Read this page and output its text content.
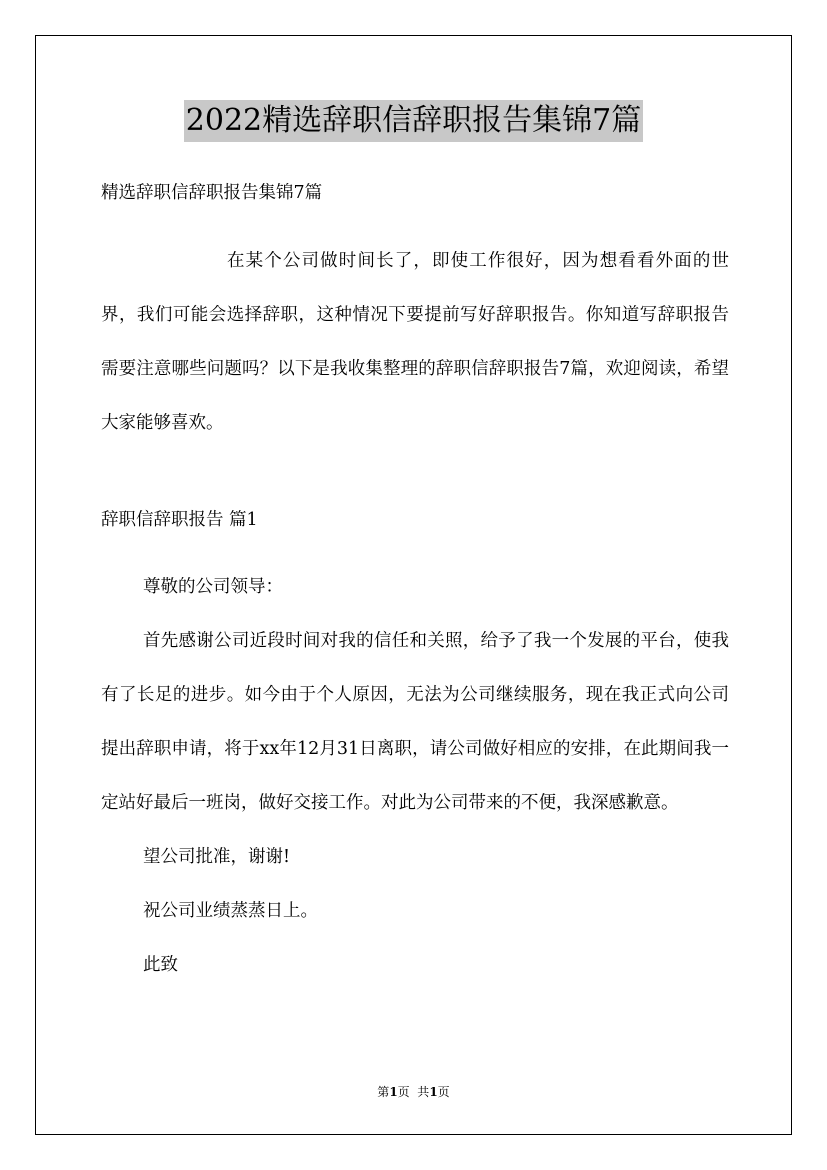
2022精选辞职信辞职报告集锦7篇
精选辞职信辞职报告集锦7篇
在某个公司做时间长了，即使工作很好，因为想看看外面的世界，我们可能会选择辞职，这种情况下要提前写好辞职报告。你知道写辞职报告需要注意哪些问题吗？以下是我收集整理的辞职信辞职报告7篇，欢迎阅读，希望大家能够喜欢。
辞职信辞职报告 篇1

尊敬的公司领导：

首先感谢公司近段时间对我的信任和关照，给予了我一个发展的平台，使我有了长足的进步。如今由于个人原因，无法为公司继续服务，现在我正式向公司提出辞职申请，将于xx年12月31日离职，请公司做好相应的安排，在此期间我一定站好最后一班岗，做好交接工作。对此为公司带来的不便，我深感歉意。

望公司批准，谢谢!

祝公司业绩蒸蒸日上。

此致

第1页  共1页
